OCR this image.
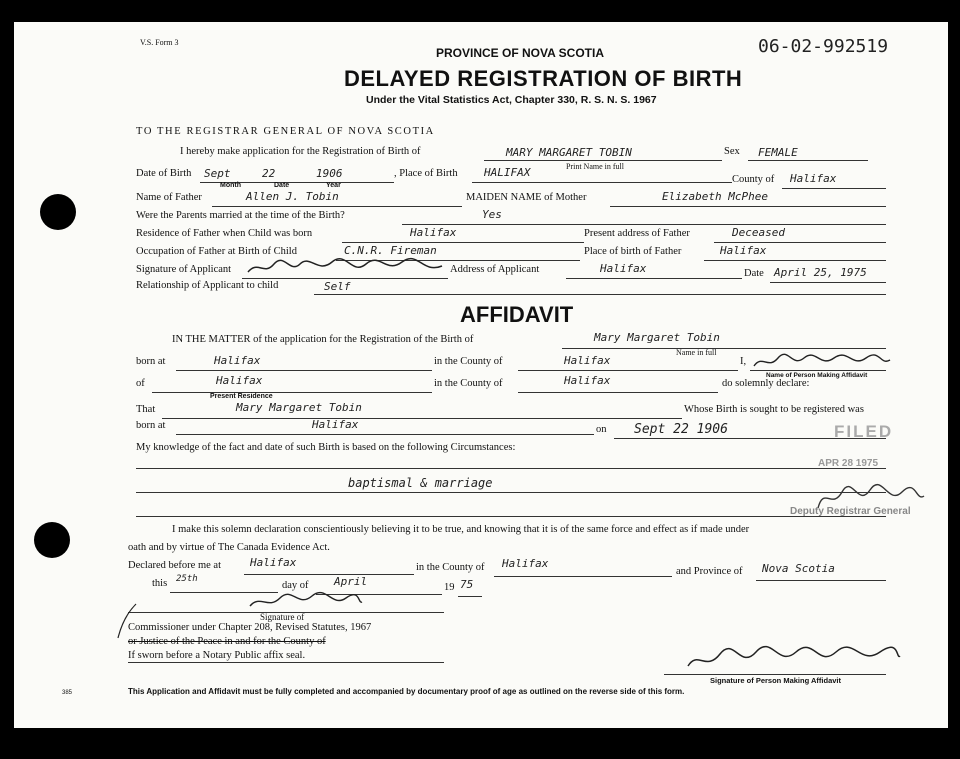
V.S. Form 3	06-02-992519
PROVINCE OF NOVA SCOTIA
DELAYED REGISTRATION OF BIRTH
Under the Vital Statistics Act, Chapter 330, R. S. N. S. 1967
TO THE REGISTRAR GENERAL OF NOVA SCOTIA
I hereby make application for the Registration of Birth of	MARY MARGARET TOBIN
Print Name in full
Sex FEMALE
Date of Birth Sept	22	1906
Month	Date	Year
, Place of Birth HALIFAX
County of Halifax
Name of Father	Allen J. Tobin	MAIDEN NAME of Mother	Elizabeth McPhee
Were the Parents married at the time of the Birth?	Yes
Residence of Father when Child was born	Halifax	Present address of Father	Deceased
Occupation of Father at Birth of Child	C.N.R. Fireman	Place of birth of Father	Halifax
Signature of Applicant	Address of Applicant	Halifax	Date April 25, 1975
Relationship of Applicant to child	Self
AFFIDAVIT
IN THE MATTER of the application for the Registration of the Birth of	Mary Margaret Tobin
Name in full
born at	Halifax	in the County of	Halifax	I,
Name of Person Making Affidavit
of	Halifax
Present Residence
in the County of	Halifax	do solemnly declare:
That	Mary Margaret Tobin	Whose Birth is sought to be registered was
born at	Halifax	on Sept 22 1906
My knowledge of the fact and date of such Birth is based on the following Circumstances:
baptismal & marriage
FILED
APR 28 1975
Deputy Registrar General
I make this solemn declaration conscientiously believing it to be true, and knowing that it is of the same force and effect as if made under
oath and by virtue of The Canada Evidence Act.
Declared before me at	Halifax	in the County of Halifax
and Province of Nova Scotia
this 25th
day of April	19 75
Signature of
Commissioner under Chapter 208, Revised Statutes, 1967
or Justice of the Peace in and for the County of
If sworn before a Notary Public affix seal.
Signature of Person Making Affidavit
This Application and Affidavit must be fully completed and accompanied by documentary proof of age as outlined on the reverse side of this form.
385
